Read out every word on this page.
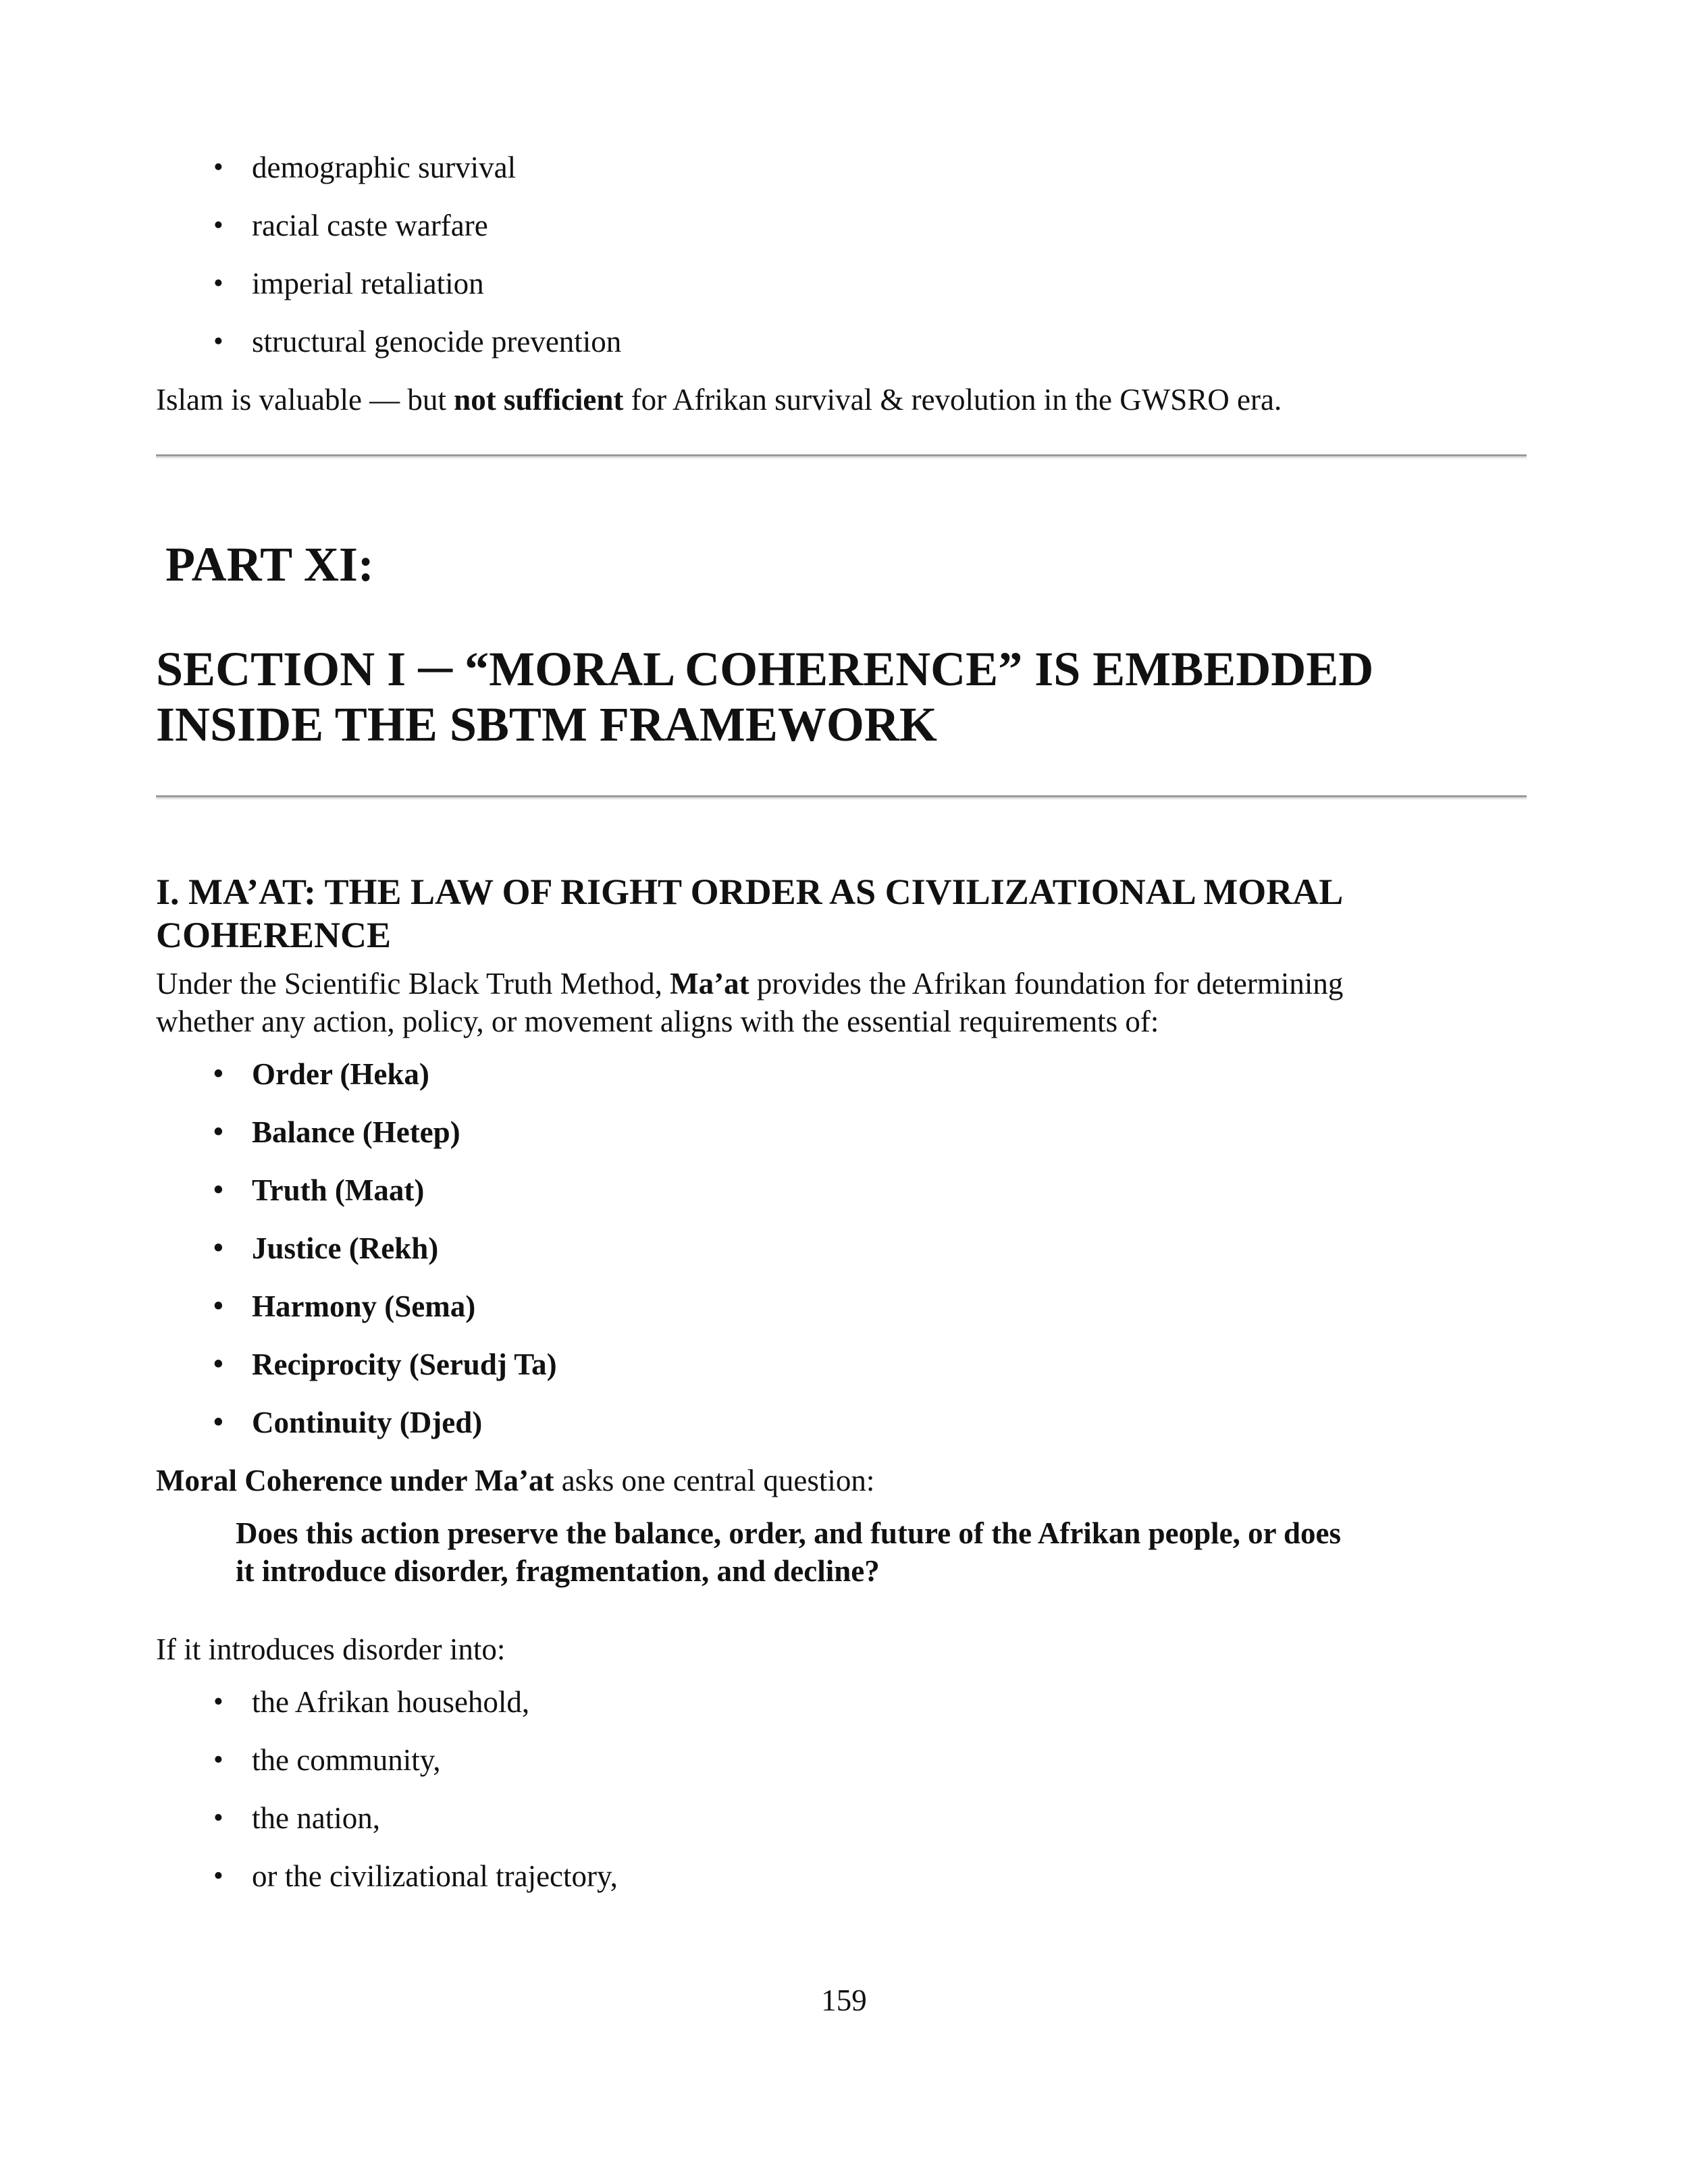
• demographic survival
• racial caste warfare
• imperial retaliation
• structural genocide prevention
Islam is valuable — but not sufficient for Afrikan survival & revolution in the GWSRO era.
PART XI:
SECTION I ─ “MORAL COHERENCE” IS EMBEDDED
INSIDE THE SBTM FRAMEWORK
I. MA’AT: THE LAW OF RIGHT ORDER AS CIVILIZATIONAL MORAL
COHERENCE
Under the Scientific Black Truth Method, Ma’at provides the Afrikan foundation for determining
whether any action, policy, or movement aligns with the essential requirements of:
• Order (Heka)
• Balance (Hetep)
• Truth (Maat)
• Justice (Rekh)
• Harmony (Sema)
• Reciprocity (Serudj Ta)
• Continuity (Djed)
Moral Coherence under Ma’at asks one central question:
Does this action preserve the balance, order, and future of the Afrikan people, or does
it introduce disorder, fragmentation, and decline?
If it introduces disorder into:
• the Afrikan household,
• the community,
• the nation,
• or the civilizational trajectory,
159
